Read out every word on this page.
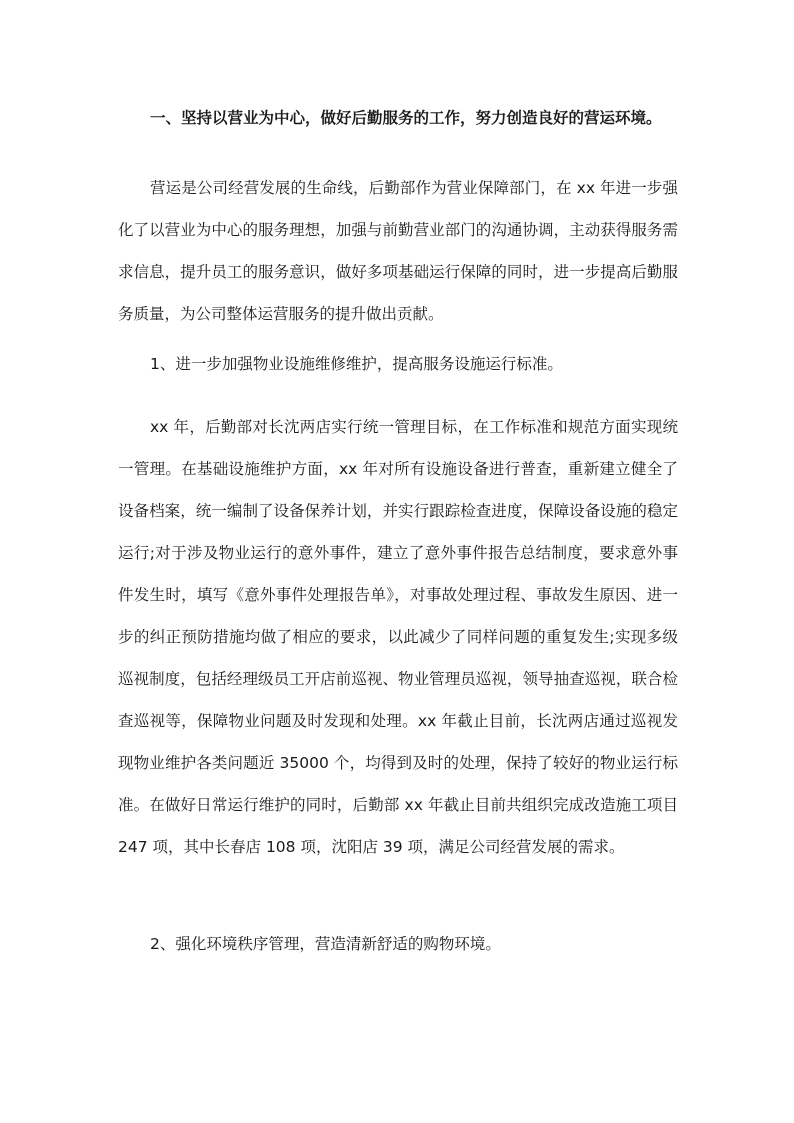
一、坚持以营业为中心，做好后勤服务的工作，努力创造良好的营运环境。

营运是公司经营发展的生命线，后勤部作为营业保障部门，在 xx 年进一步强化了以营业为中心的服务理想，加强与前勤营业部门的沟通协调，主动获得服务需求信息，提升员工的服务意识，做好多项基础运行保障的同时，进一步提高后勤服务质量，为公司整体运营服务的提升做出贡献。

1、进一步加强物业设施维修维护，提高服务设施运行标准。

xx 年，后勤部对长沈两店实行统一管理目标，在工作标准和规范方面实现统一管理。在基础设施维护方面，xx 年对所有设施设备进行普查，重新建立健全了设备档案，统一编制了设备保养计划，并实行跟踪检查进度，保障设备设施的稳定运行;对于涉及物业运行的意外事件，建立了意外事件报告总结制度，要求意外事件发生时，填写《意外事件处理报告单》，对事故处理过程、事故发生原因、进一步的纠正预防措施均做了相应的要求，以此减少了同样问题的重复发生;实现多级巡视制度，包括经理级员工开店前巡视、物业管理员巡视，领导抽查巡视，联合检查巡视等，保障物业问题及时发现和处理。xx 年截止目前，长沈两店通过巡视发现物业维护各类问题近 35000 个，均得到及时的处理，保持了较好的物业运行标准。在做好日常运行维护的同时，后勤部 xx 年截止目前共组织完成改造施工项目 247 项，其中长春店 108 项，沈阳店 39 项，满足公司经营发展的需求。

2、强化环境秩序管理，营造清新舒适的购物环境。
